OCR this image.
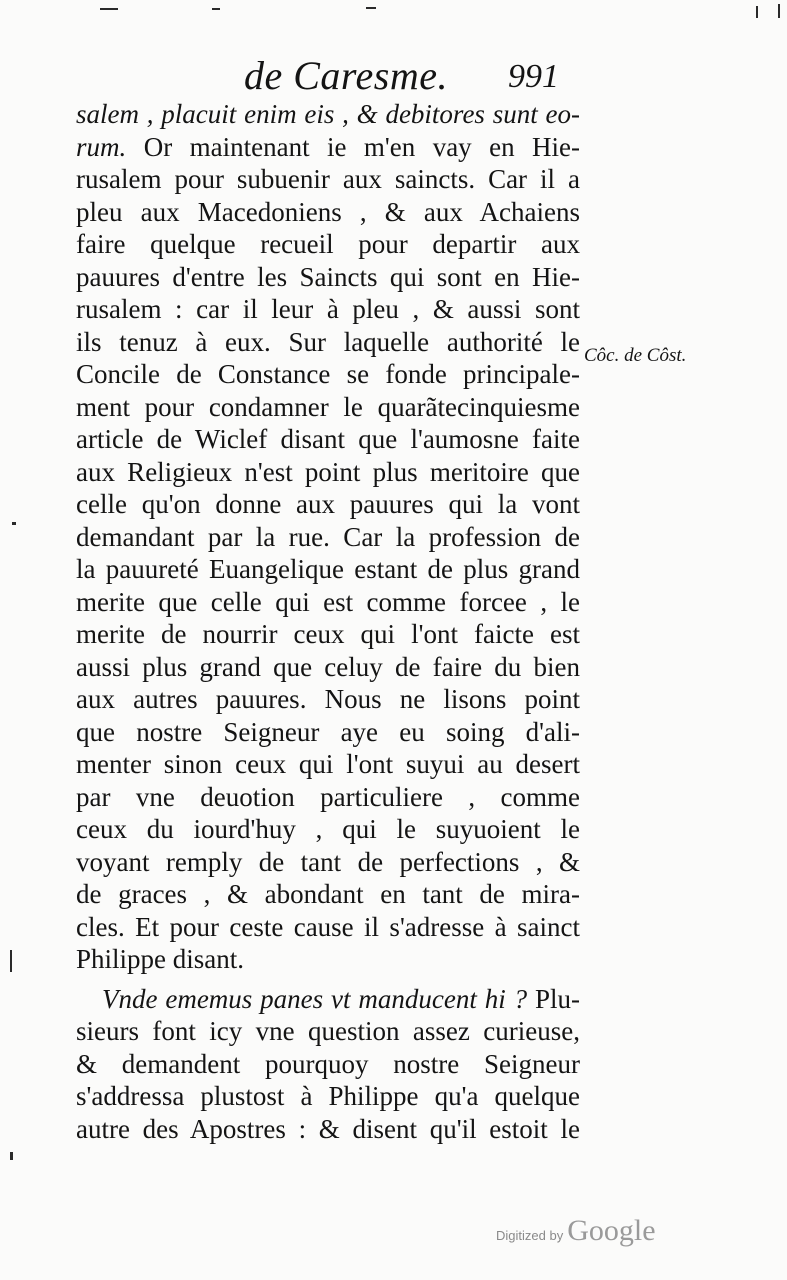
de Caresme. 991
Côc. de Côst.
salem , placuit enim eis , & debitores sunt eo-
rum. Or maintenant ie m'en vay en Hie-
rusalem pour subuenir aux saincts. Car il a
pleu aux Macedoniens , & aux Achaiens
faire quelque recueil pour departir aux
pauures d'entre les Saincts qui sont en Hie-
rusalem : car il leur à pleu , & aussi sont
ils tenuz à eux. Sur laquelle authorité le
Concile de Constance se fonde principale-
ment pour condamner le quarãtecinquiesme
article de Wiclef disant que l'aumosne faite
aux Religieux n'est point plus meritoire que
celle qu'on donne aux pauures qui la vont
demandant par la rue. Car la profession de
la pauureté Euangelique estant de plus grand
merite que celle qui est comme forcee , le
merite de nourrir ceux qui l'ont faicte est
aussi plus grand que celuy de faire du bien
aux autres pauures. Nous ne lisons point
que nostre Seigneur aye eu soing d'ali-
menter sinon ceux qui l'ont suyui au desert
par vne deuotion particuliere , comme
ceux du iourd'huy , qui le suyuoient le
voyant remply de tant de perfections , &
de graces , & abondant en tant de mira-
cles. Et pour ceste cause il s'adresse à sainct
Philippe disant.
Vnde ememus panes vt manducent hi ? Plu-
sieurs font icy vne question assez curieuse,
& demandent pourquoy nostre Seigneur
s'addressa plustost à Philippe qu'a quelque
autre des Apostres : & disent qu'il estoit le
Digitized by Google
